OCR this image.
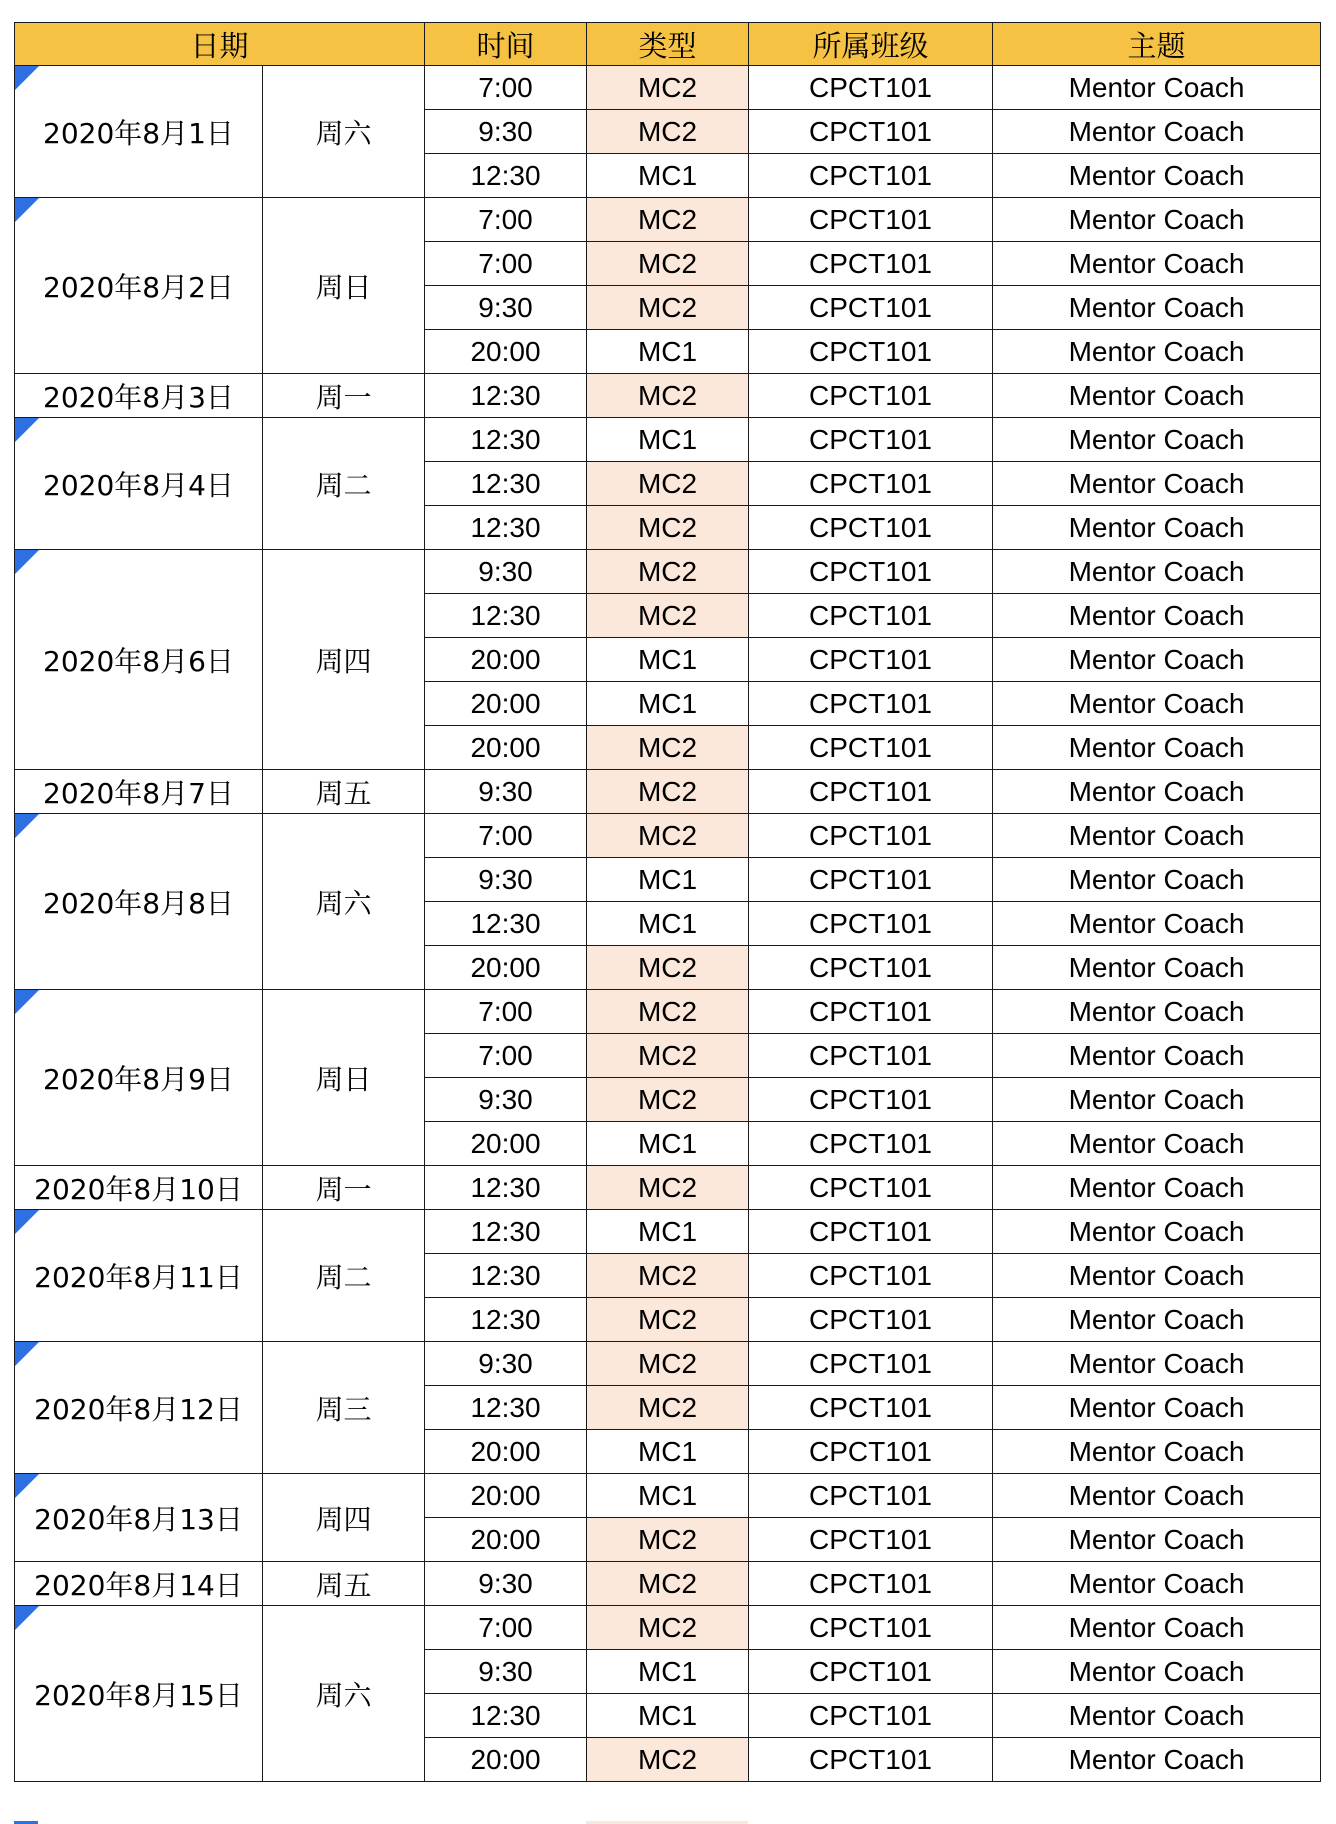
日期		时间	类型	所属班级	主题
2020年8月1日	周六	7:00	MC2	CPCT101	Mentor Coach
		9:30	MC2	CPCT101	Mentor Coach
		12:30	MC1	CPCT101	Mentor Coach
2020年8月2日	周日	7:00	MC2	CPCT101	Mentor Coach
		7:00	MC2	CPCT101	Mentor Coach
		9:30	MC2	CPCT101	Mentor Coach
		20:00	MC1	CPCT101	Mentor Coach
2020年8月3日	周一	12:30	MC2	CPCT101	Mentor Coach
2020年8月4日	周二	12:30	MC1	CPCT101	Mentor Coach
		12:30	MC2	CPCT101	Mentor Coach
		12:30	MC2	CPCT101	Mentor Coach
2020年8月6日	周四	9:30	MC2	CPCT101	Mentor Coach
		12:30	MC2	CPCT101	Mentor Coach
		20:00	MC1	CPCT101	Mentor Coach
		20:00	MC1	CPCT101	Mentor Coach
		20:00	MC2	CPCT101	Mentor Coach
2020年8月7日	周五	9:30	MC2	CPCT101	Mentor Coach
2020年8月8日	周六	7:00	MC2	CPCT101	Mentor Coach
		9:30	MC1	CPCT101	Mentor Coach
		12:30	MC1	CPCT101	Mentor Coach
		20:00	MC2	CPCT101	Mentor Coach
2020年8月9日	周日	7:00	MC2	CPCT101	Mentor Coach
		7:00	MC2	CPCT101	Mentor Coach
		9:30	MC2	CPCT101	Mentor Coach
		20:00	MC1	CPCT101	Mentor Coach
2020年8月10日	周一	12:30	MC2	CPCT101	Mentor Coach
2020年8月11日	周二	12:30	MC1	CPCT101	Mentor Coach
		12:30	MC2	CPCT101	Mentor Coach
		12:30	MC2	CPCT101	Mentor Coach
2020年8月12日	周三	9:30	MC2	CPCT101	Mentor Coach
		12:30	MC2	CPCT101	Mentor Coach
		20:00	MC1	CPCT101	Mentor Coach
2020年8月13日	周四	20:00	MC1	CPCT101	Mentor Coach
		20:00	MC2	CPCT101	Mentor Coach
2020年8月14日	周五	9:30	MC2	CPCT101	Mentor Coach
2020年8月15日	周六	7:00	MC2	CPCT101	Mentor Coach
		9:30	MC1	CPCT101	Mentor Coach
		12:30	MC1	CPCT101	Mentor Coach
		20:00	MC2	CPCT101	Mentor Coach
